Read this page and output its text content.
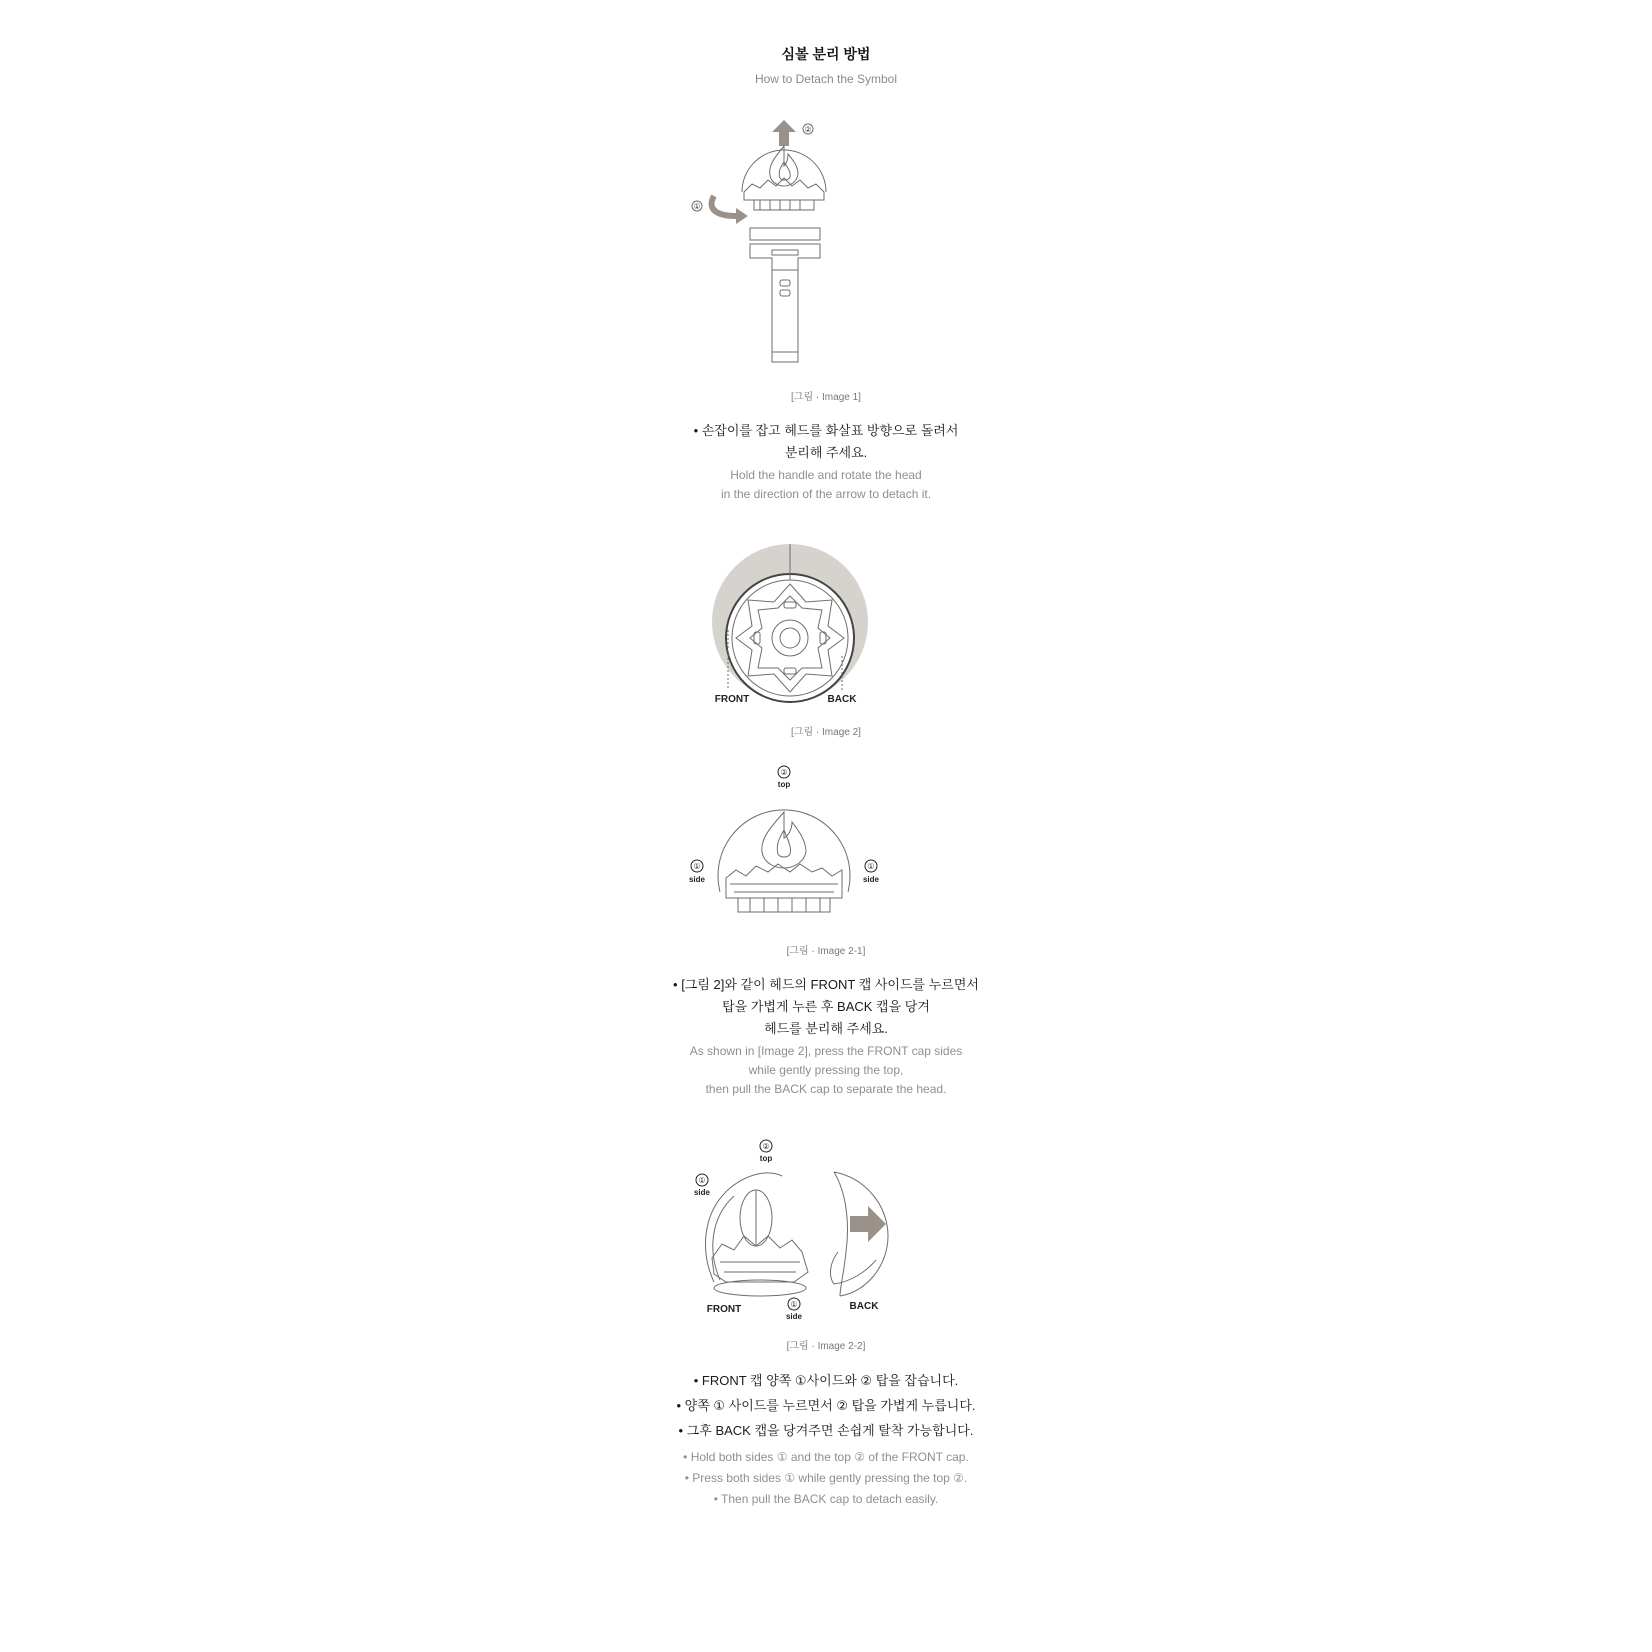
심볼 분리 방법
How to Detach the Symbol
②
①
[그림 · Image 1]
• 손잡이를 잡고 헤드를 화살표 방향으로 돌려서
분리해 주세요.
Hold the handle and rotate the head
in the direction of the arrow to detach it.
FRONT	BACK
[그림 · Image 2]
②
top
①
side
①
side
[그림 · Image 2-1]
• [그림 2]와 같이 헤드의 FRONT 캡 사이드를 누르면서
탑을 가볍게 누른 후 BACK 캡을 당겨
헤드를 분리해 주세요.
As shown in [Image 2], press the FRONT cap sides
while gently pressing the top,
then pull the BACK cap to separate the head.
②
top
①
side
①
side
FRONT	BACK
[그림 · Image 2-2]
• FRONT 캡 양쪽 ①사이드와 ② 탑을 잡습니다.
• 양쪽 ① 사이드를 누르면서 ② 탑을 가볍게 누릅니다.
• 그후 BACK 캡을 당겨주면 손쉽게 탈착 가능합니다.
• Hold both sides ① and the top ② of the FRONT cap.
• Press both sides ① while gently pressing the top ②.
• Then pull the BACK cap to detach easily.
